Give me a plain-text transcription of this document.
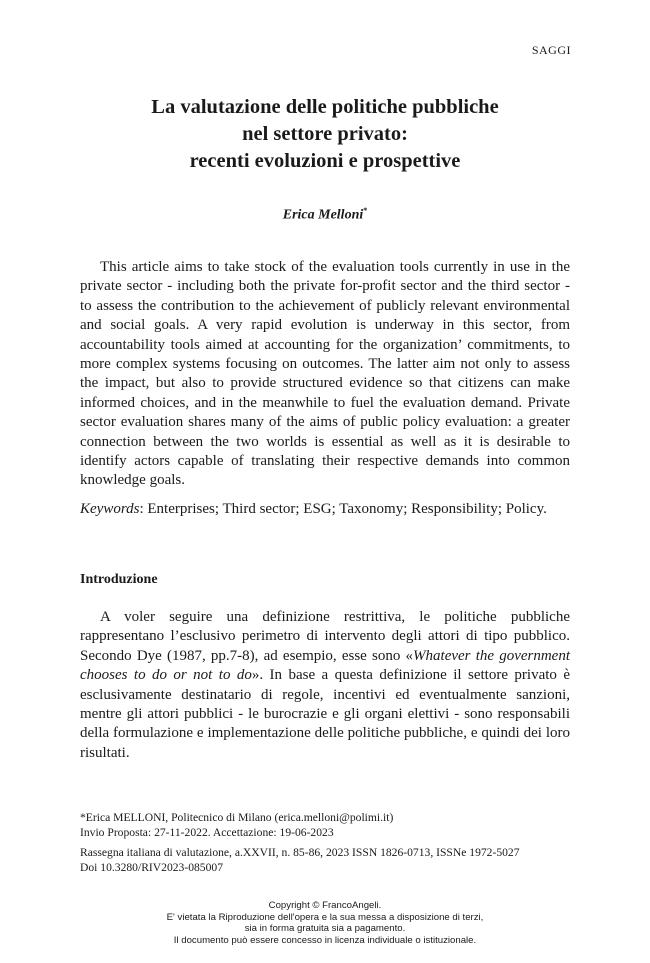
SAGGI
La valutazione delle politiche pubbliche
nel settore privato:
recenti evoluzioni e prospettive
Erica Melloni*

This article aims to take stock of the evaluation tools currently in use in the private sector - including both the private for-profit sector and the third sector - to assess the contribution to the achievement of publicly relevant environmental and social goals. A very rapid evolution is underway in this sector, from accountability tools aimed at accounting for the organization’ commitments, to more complex systems focusing on outcomes. The latter aim not only to assess the impact, but also to provide structured evidence so that citizens can make informed choices, and in the meanwhile to fuel the evaluation demand. Private sector evaluation shares many of the aims of public policy evaluation: a greater connection between the two worlds is essential as well as it is desirable to identify actors capable of translating their respective demands into common knowledge goals.

Keywords: Enterprises; Third sector; ESG; Taxonomy; Responsibility; Policy.

Introduzione

A voler seguire una definizione restrittiva, le politiche pubbliche rappresentano l’esclusivo perimetro di intervento degli attori di tipo pubblico. Secondo Dye (1987, pp.7-8), ad esempio, esse sono «Whatever the government chooses to do or not to do». In base a questa definizione il settore privato è esclusivamente destinatario di regole, incentivi ed eventualmente sanzioni, mentre gli attori pubblici - le burocrazie e gli organi elettivi - sono responsabili della formulazione e implementazione delle politiche pubbliche, e quindi dei loro risultati.

*Erica MELLONI, Politecnico di Milano (erica.melloni@polimi.it)
Invio Proposta: 27-11-2022. Accettazione: 19-06-2023
Rassegna italiana di valutazione, a.XXVII, n. 85-86, 2023 ISSN 1826-0713, ISSNe 1972-5027
Doi 10.3280/RIV2023-085007
Copyright © FrancoAngeli.
E' vietata la Riproduzione dell'opera e la sua messa a disposizione di terzi,
sia in forma gratuita sia a pagamento.
Il documento può essere concesso in licenza individuale o istituzionale.
